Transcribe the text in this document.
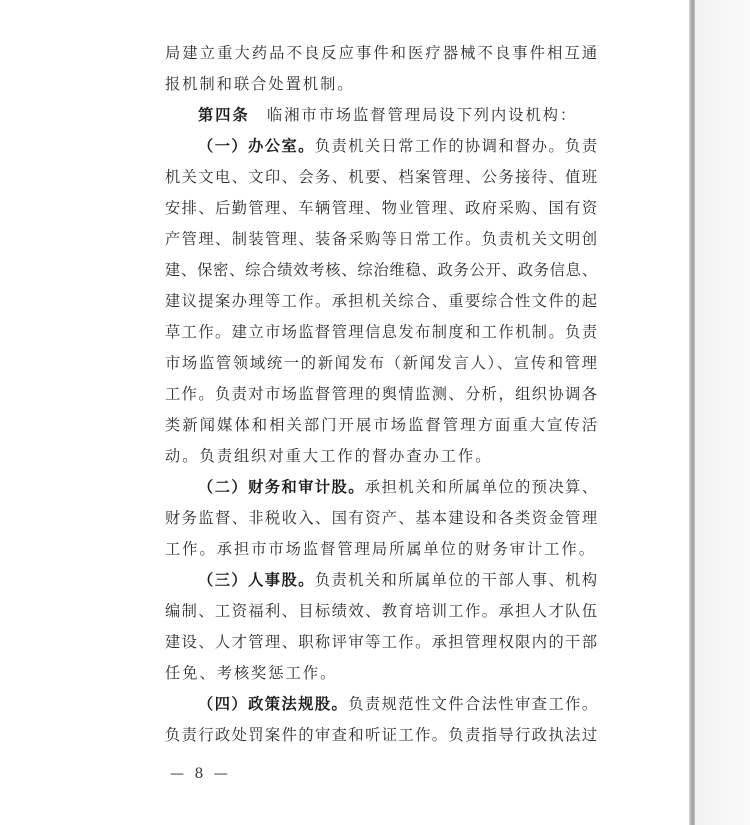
局建立重大药品不良反应事件和医疗器械不良事件相互通
报机制和联合处置机制。
第四条　临湘市市场监督管理局设下列内设机构：
（一）办公室。负责机关日常工作的协调和督办。负责
机关文电、文印、会务、机要、档案管理、公务接待、值班
安排、后勤管理、车辆管理、物业管理、政府采购、国有资
产管理、制装管理、装备采购等日常工作。负责机关文明创
建、保密、综合绩效考核、综治维稳、政务公开、政务信息、
建议提案办理等工作。承担机关综合、重要综合性文件的起
草工作。建立市场监督管理信息发布制度和工作机制。负责
市场监管领域统一的新闻发布（新闻发言人）、宣传和管理
工作。负责对市场监督管理的舆情监测、分析，组织协调各
类新闻媒体和相关部门开展市场监督管理方面重大宣传活
动。负责组织对重大工作的督办查办工作。
（二）财务和审计股。承担机关和所属单位的预决算、
财务监督、非税收入、国有资产、基本建设和各类资金管理
工作。承担市市场监督管理局所属单位的财务审计工作。
（三）人事股。负责机关和所属单位的干部人事、机构
编制、工资福利、目标绩效、教育培训工作。承担人才队伍
建设、人才管理、职称评审等工作。承担管理权限内的干部
任免、考核奖惩工作。
（四）政策法规股。负责规范性文件合法性审查工作。
负责行政处罚案件的审查和听证工作。负责指导行政执法过
— 8 —
